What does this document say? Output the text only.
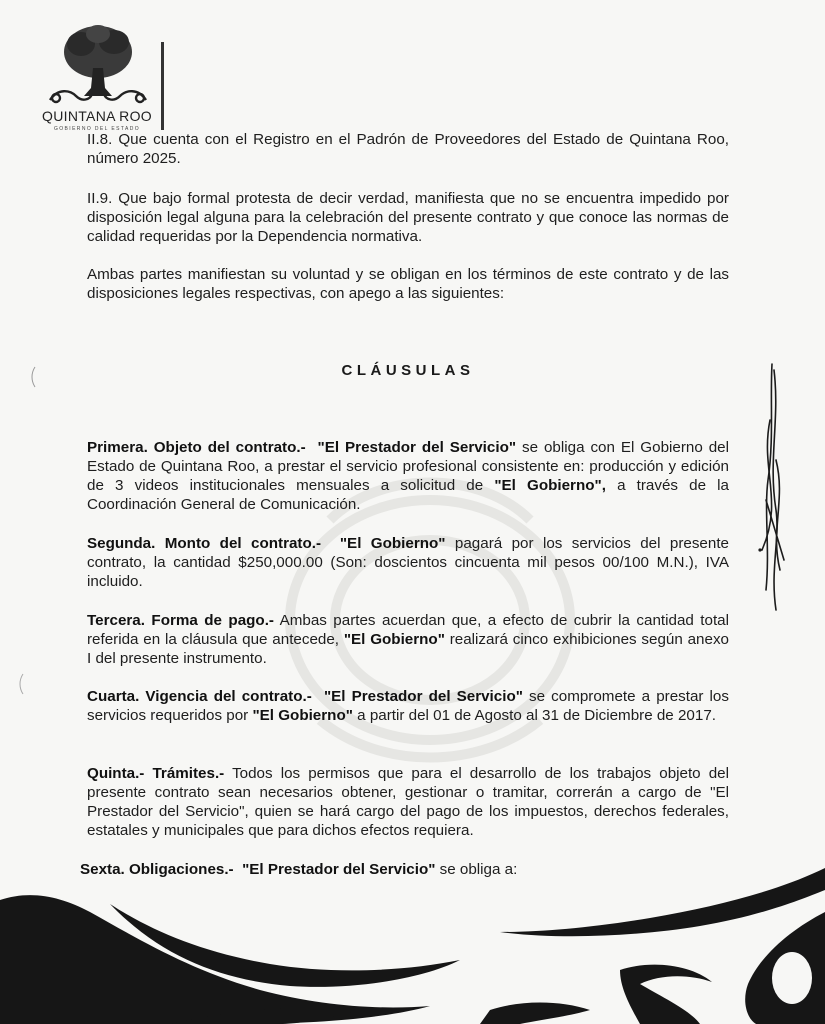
QUINTANA ROO
GOBIERNO DEL ESTADO

II.8. Que cuenta con el Registro en el Padrón de Proveedores del Estado de Quintana Roo, número 2025.

II.9. Que bajo formal protesta de decir verdad, manifiesta que no se encuentra impedido por disposición legal alguna para la celebración del presente contrato y que conoce las normas de calidad requeridas por la Dependencia normativa.

Ambas partes manifiestan su voluntad y se obligan en los términos de este contrato y de las disposiciones legales respectivas, con apego a las siguientes:

CLÁUSULAS

Primera. Objeto del contrato.- "El Prestador del Servicio" se obliga con El Gobierno del Estado de Quintana Roo, a prestar el servicio profesional consistente en: producción y edición de 3 videos institucionales mensuales a solicitud de "El Gobierno", a través de la Coordinación General de Comunicación.

Segunda. Monto del contrato.- "El Gobierno" pagará por los servicios del presente contrato, la cantidad $250,000.00 (Son: doscientos cincuenta mil pesos 00/100 M.N.), IVA incluido.

Tercera. Forma de pago.- Ambas partes acuerdan que, a efecto de cubrir la cantidad total referida en la cláusula que antecede, "El Gobierno" realizará cinco exhibiciones según anexo I del presente instrumento.

Cuarta. Vigencia del contrato.- "El Prestador del Servicio" se compromete a prestar los servicios requeridos por "El Gobierno" a partir del 01 de Agosto al 31 de Diciembre de 2017.

Quinta.- Trámites.- Todos los permisos que para el desarrollo de los trabajos objeto del presente contrato sean necesarios obtener, gestionar o tramitar, correrán a cargo de "El Prestador del Servicio", quien se hará cargo del pago de los impuestos, derechos federales, estatales y municipales que para dichos efectos requiera.

Sexta. Obligaciones.- "El Prestador del Servicio" se obliga a:
